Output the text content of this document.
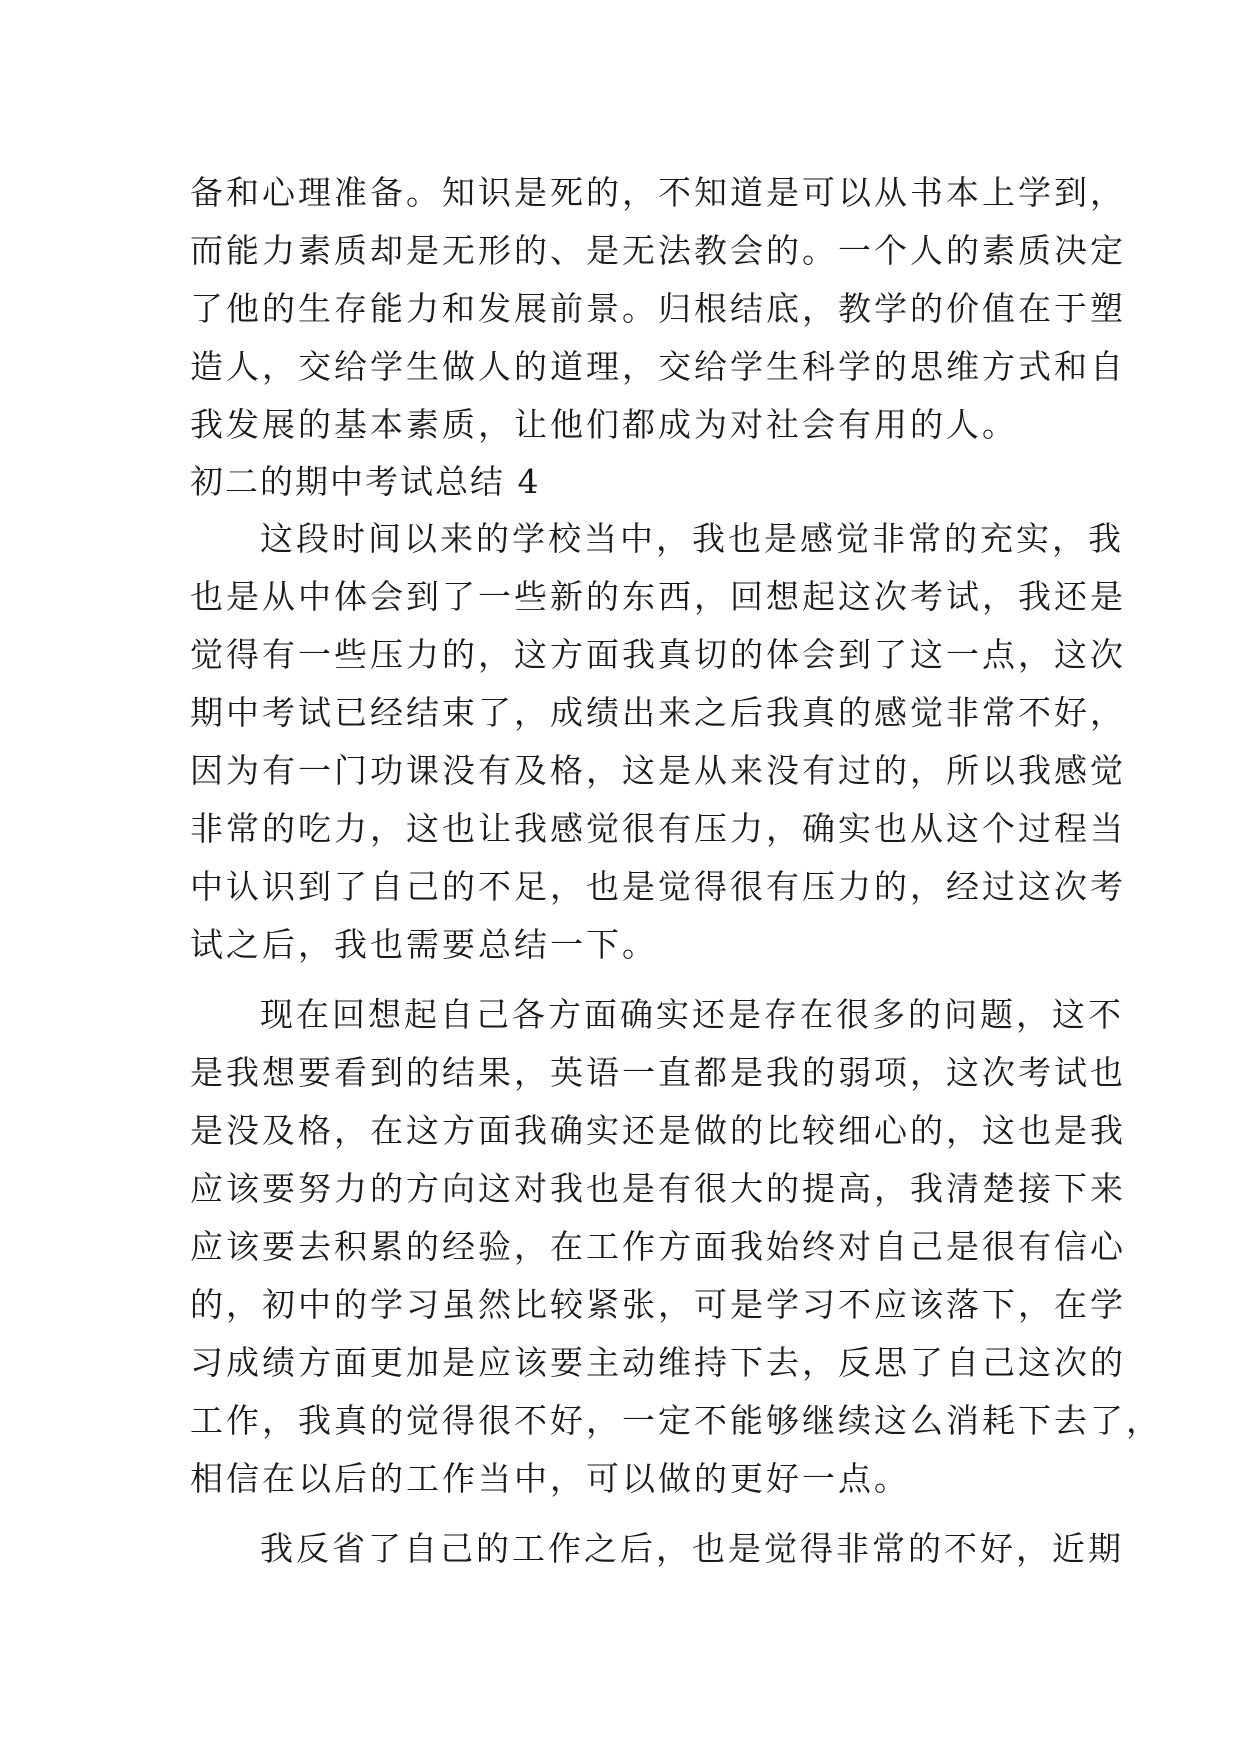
备和心理准备。知识是死的，不知道是可以从书本上学到，
而能力素质却是无形的、是无法教会的。一个人的素质决定
了他的生存能力和发展前景。归根结底，教学的价值在于塑
造人，交给学生做人的道理，交给学生科学的思维方式和自
我发展的基本素质，让他们都成为对社会有用的人。
初二的期中考试总结 4
这段时间以来的学校当中，我也是感觉非常的充实，我
也是从中体会到了一些新的东西，回想起这次考试，我还是
觉得有一些压力的，这方面我真切的体会到了这一点，这次
期中考试已经结束了，成绩出来之后我真的感觉非常不好，
因为有一门功课没有及格，这是从来没有过的，所以我感觉
非常的吃力，这也让我感觉很有压力，确实也从这个过程当
中认识到了自己的不足，也是觉得很有压力的，经过这次考
试之后，我也需要总结一下。
现在回想起自己各方面确实还是存在很多的问题，这不
是我想要看到的结果，英语一直都是我的弱项，这次考试也
是没及格，在这方面我确实还是做的比较细心的，这也是我
应该要努力的方向这对我也是有很大的提高，我清楚接下来
应该要去积累的经验，在工作方面我始终对自己是很有信心
的，初中的学习虽然比较紧张，可是学习不应该落下，在学
习成绩方面更加是应该要主动维持下去，反思了自己这次的
工作，我真的觉得很不好，一定不能够继续这么消耗下去了，
相信在以后的工作当中，可以做的更好一点。
我反省了自己的工作之后，也是觉得非常的不好，近期
